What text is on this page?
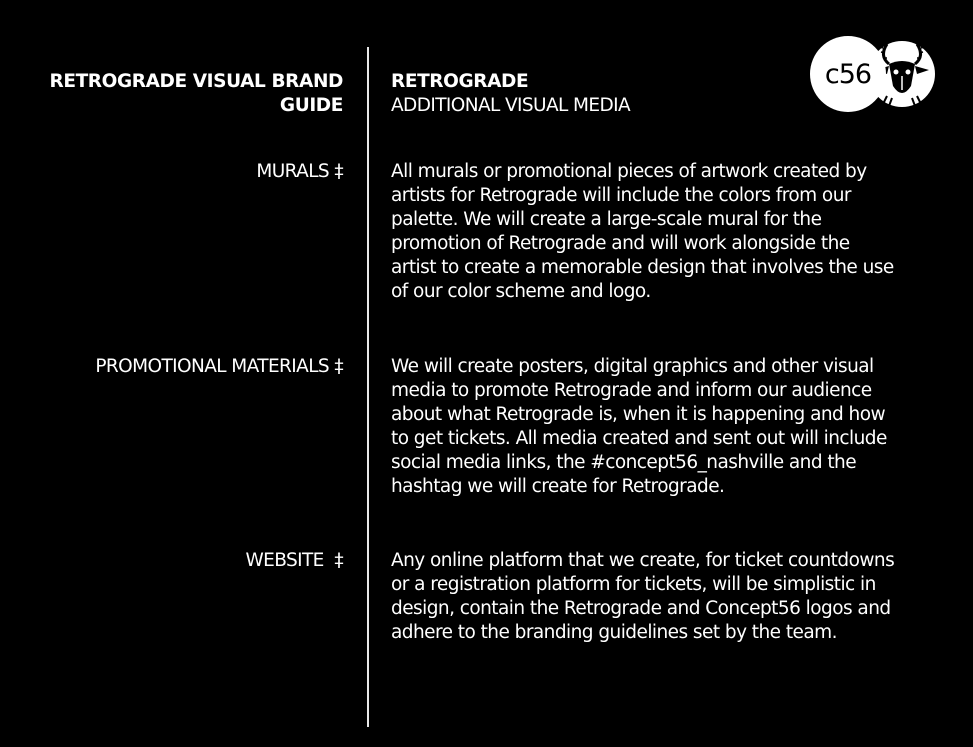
RETROGRADE VISUAL BRAND GUIDE
RETROGRADE
ADDITIONAL VISUAL MEDIA
c56
MURALS ‡	All murals or promotional pieces of artwork created by artists for Retrograde will include the colors from our palette. We will create a large-scale mural for the promotion of Retrograde and will work alongside the artist to create a memorable design that involves the use of our color scheme and logo.
PROMOTIONAL MATERIALS ‡	We will create posters, digital graphics and other visual media to promote Retrograde and inform our audience about what Retrograde is, when it is happening and how to get tickets. All media created and sent out will include social media links, the #concept56_nashville and the hashtag we will create for Retrograde.
WEBSITE  ‡	Any online platform that we create, for ticket countdowns or a registration platform for tickets, will be simplistic in design, contain the Retrograde and Concept56 logos and adhere to the branding guidelines set by the team.
